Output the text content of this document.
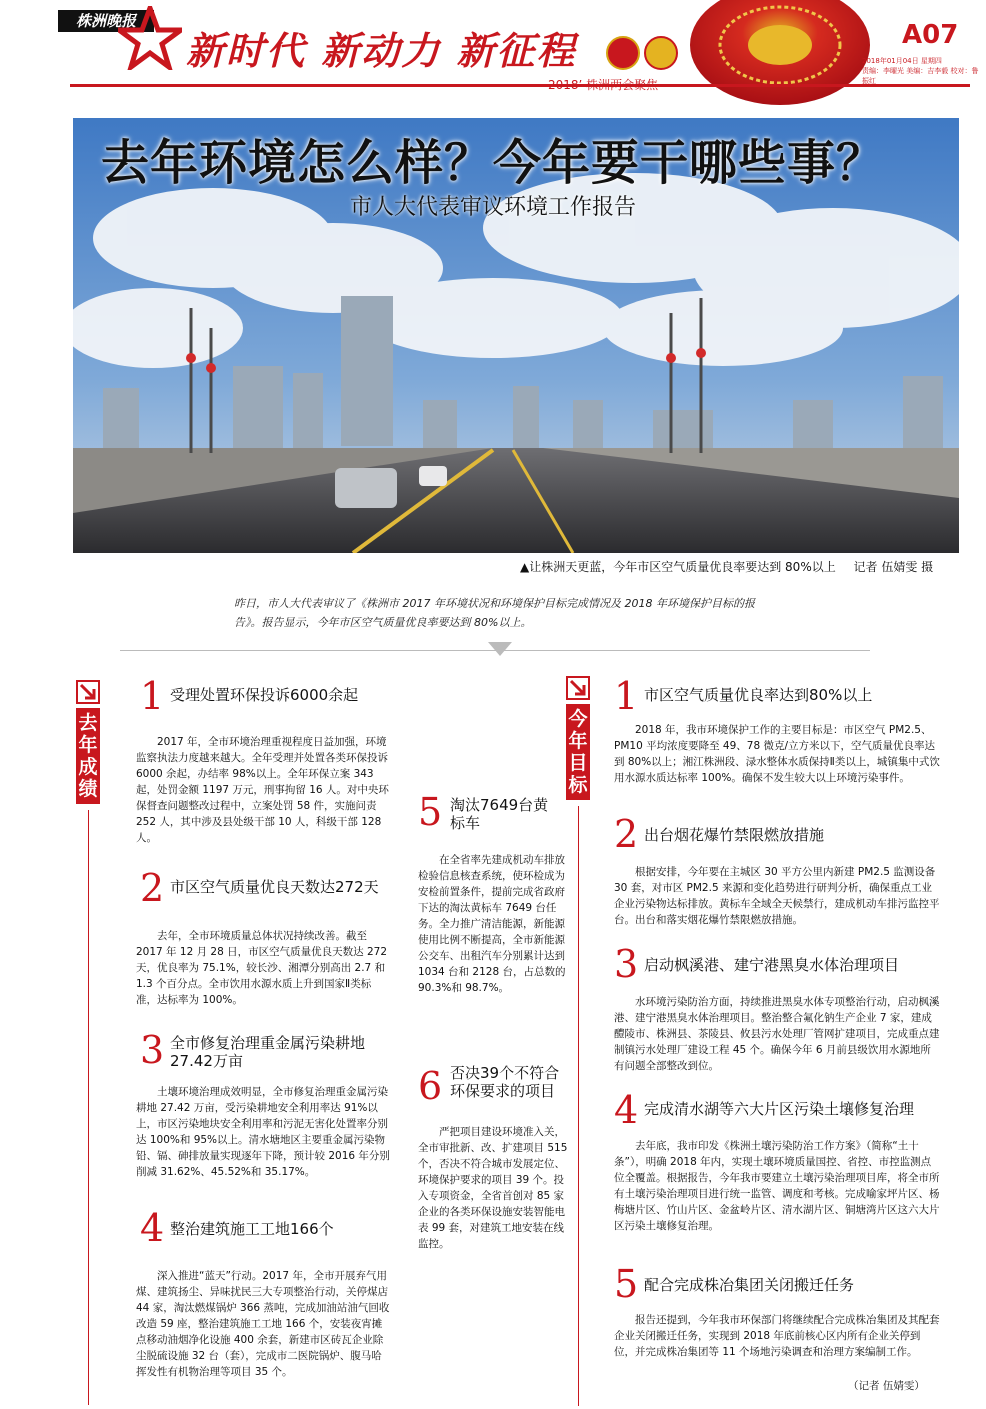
株洲晚报
新时代 新动力 新征程
2018’ 株洲两会聚焦
A07
2018年01月04日 星期四
责编：李曜光 美编：吉李毅 校对：鲁振红
去年环境怎么样？今年要干哪些事？
市人大代表审议环境工作报告
▲让株洲天更蓝，今年市区空气质量优良率要达到 80%以上 记者 伍婧雯 摄
昨日，市人大代表审议了《株洲市 2017 年环境状况和环境保护目标完成情况及 2018 年环境保护目标的报告》。报告显示，今年市区空气质量优良率要达到 80%以上。
去年成绩
今年目标
1 受理处置环保投诉6000余起

2017 年，全市环境治理重视程度日益加强，环境监察执法力度越来越大。全年受理并处置各类环保投诉 6000 余起，办结率 98%以上。全年环保立案 343 起，处罚金额 1197 万元，刑事拘留 16 人。对中央环保督查问题整改过程中，立案处罚 58 件，实施问责 252 人，其中涉及县处级干部 10 人，科级干部 128 人。

2 市区空气质量优良天数达272天

去年，全市环境质量总体状况持续改善。截至 2017 年 12 月 28 日，市区空气质量优良天数达 272 天，优良率为 75.1%，较长沙、湘潭分别高出 2.7 和 1.3 个百分点。全市饮用水源水质上升到国家Ⅱ类标准，达标率为 100%。

3 全市修复治理重金属污染耕地27.42万亩

土壤环境治理成效明显，全市修复治理重金属污染耕地 27.42 万亩，受污染耕地安全利用率达 91%以上，市区污染地块安全利用率和污泥无害化处置率分别达 100%和 95%以上。清水塘地区主要重金属污染物铅、镉、砷排放量实现逐年下降，预计较 2016 年分别削减 31.62%、45.52%和 35.17%。

4 整治建筑施工工地166个

深入推进“蓝天”行动。2017 年，全市开展弃气用煤、建筑扬尘、异味扰民三大专项整治行动，关停煤店 44 家，淘汰燃煤锅炉 366 蒸吨，完成加油站油气回收改造 59 座，整治建筑施工工地 166 个，安装夜宵摊点移动油烟净化设施 400 余套，新建市区砖瓦企业除尘脱硫设施 32 台（套），完成市二医院锅炉、腹马哈挥发性有机物治理等项目 35 个。

5 淘汰7649台黄标车

在全省率先建成机动车排放检验信息核查系统，使环检成为安检前置条件，提前完成省政府下达的淘汰黄标车 7649 台任务。全力推广清洁能源，新能源使用比例不断提高，全市新能源公交车、出租汽车分别累计达到 1034 台和 2128 台，占总数的 90.3%和 98.7%。

6 否决39个不符合环保要求的项目

严把项目建设环境准入关，全市审批新、改、扩建项目 515 个，否决不符合城市发展定位、环境保护要求的项目 39 个。投入专项资金，全省首创对 85 家企业的各类环保设施安装智能电表 99 套，对建筑工地安装在线监控。

1 市区空气质量优良率达到80%以上

2018 年，我市环境保护工作的主要目标是：市区空气 PM2.5、PM10 平均浓度要降至 49、78 微克/立方米以下，空气质量优良率达到 80%以上；湘江株洲段、渌水整体水质保持Ⅱ类以上，城镇集中式饮用水源水质达标率 100%。确保不发生较大以上环境污染事件。

2 出台烟花爆竹禁限燃放措施

根据安排，今年要在主城区 30 平方公里内新建 PM2.5 监测设备 30 套，对市区 PM2.5 来源和变化趋势进行研判分析，确保重点工业企业污染物达标排放。黄标车全域全天候禁行，建成机动车排污监控平台。出台和落实烟花爆竹禁限燃放措施。

3 启动枫溪港、建宁港黑臭水体治理项目

水环境污染防治方面，持续推进黑臭水体专项整治行动，启动枫溪港、建宁港黑臭水体治理项目。整治整合氟化钠生产企业 7 家，建成醴陵市、株洲县、茶陵县、攸县污水处理厂管网扩建项目，完成重点建制镇污水处理厂建设工程 45 个。确保今年 6 月前县级饮用水源地所有问题全部整改到位。

4 完成清水湖等六大片区污染土壤修复治理

去年底，我市印发《株洲土壤污染防治工作方案》（简称“土十条”），明确 2018 年内，实现土壤环境质量国控、省控、市控监测点位全覆盖。根据报告，今年我市要建立土壤污染治理项目库，将全市所有土壤污染治理项目进行统一监管、调度和考核。完成喻家坪片区、杨梅塘片区、竹山片区、金盆岭片区、清水湖片区、铜塘湾片区这六大片区污染土壤修复治理。

5 配合完成株冶集团关闭搬迁任务

报告还提到，今年我市环保部门将继续配合完成株冶集团及其配套企业关闭搬迁任务，实现到 2018 年底前核心区内所有企业关停到位，并完成株冶集团等 11 个场地污染调查和治理方案编制工作。

（记者 伍婧雯）
